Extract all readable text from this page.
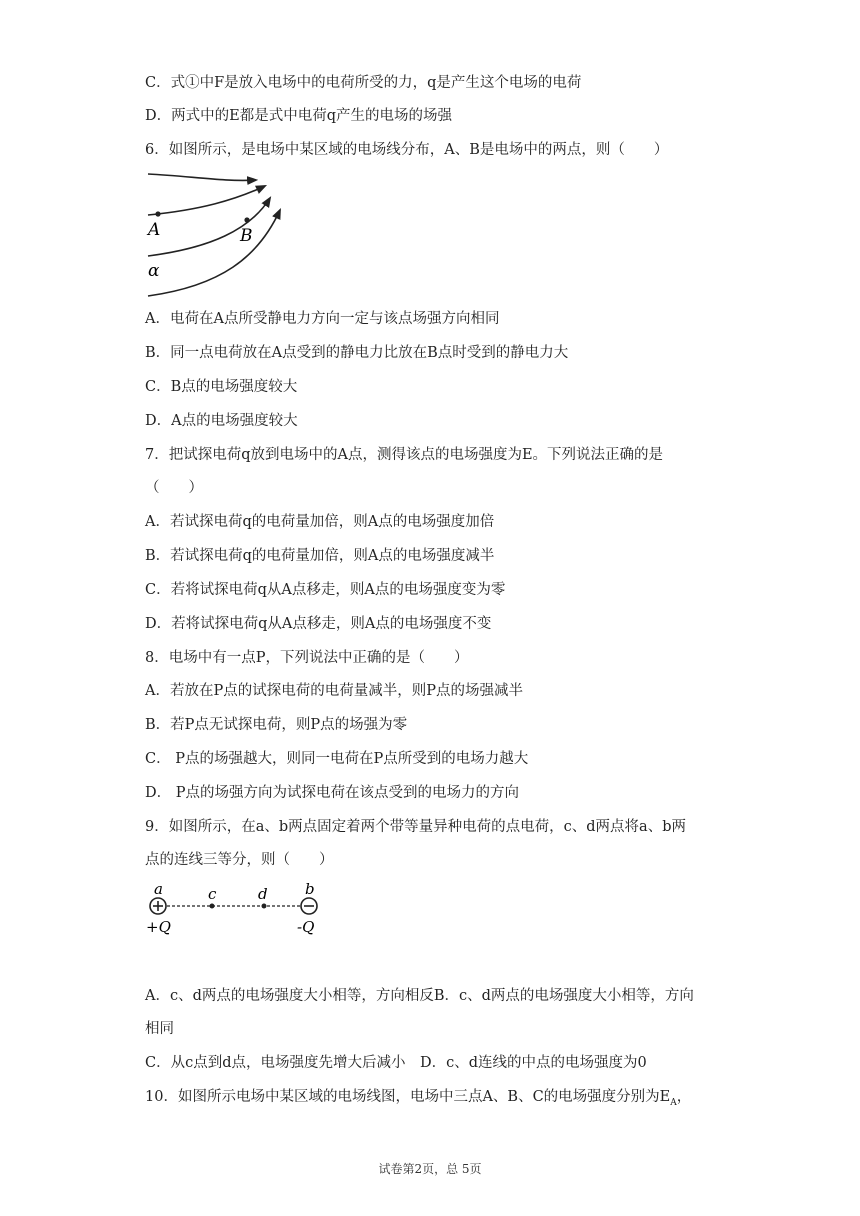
C．式①中F是放入电场中的电荷所受的力，q是产生这个电场的电荷
D．两式中的E都是式中电荷q产生的电场的场强
6．如图所示，是电场中某区域的电场线分布，A、B是电场中的两点，则（　　）
A	B
α
A．电荷在A点所受静电力方向一定与该点场强方向相同
B．同一点电荷放在A点受到的静电力比放在B点时受到的静电力大
C．B点的电场强度较大
D．A点的电场强度较大
7．把试探电荷q放到电场中的A点，测得该点的电场强度为E。下列说法正确的是
（　　）
A．若试探电荷q的电荷量加倍，则A点的电场强度加倍
B．若试探电荷q的电荷量加倍，则A点的电场强度减半
C．若将试探电荷q从A点移走，则A点的电场强度变为零
D．若将试探电荷q从A点移走，则A点的电场强度不变
8．电场中有一点P，下列说法中正确的是（　　）
A．若放在P点的试探电荷的电荷量减半，则P点的场强减半
B．若P点无试探电荷，则P点的场强为零
C． P点的场强越大，则同一电荷在P点所受到的电场力越大
D． P点的场强方向为试探电荷在该点受到的电场力的方向
9．如图所示，在a、b两点固定着两个带等量异种电荷的点电荷，c、d两点将a、b两
点的连线三等分，则（　　）
a	c	d b
+Q	-Q
A．c、d两点的电场强度大小相等，方向相反B．c、d两点的电场强度大小相等，方向
相同
C．从c点到d点，电场强度先增大后减小　D．c、d连线的中点的电场强度为0
10．如图所示电场中某区域的电场线图，电场中三点A、B、C的电场强度分别为$E_A$，
试卷第2页，总 5页
